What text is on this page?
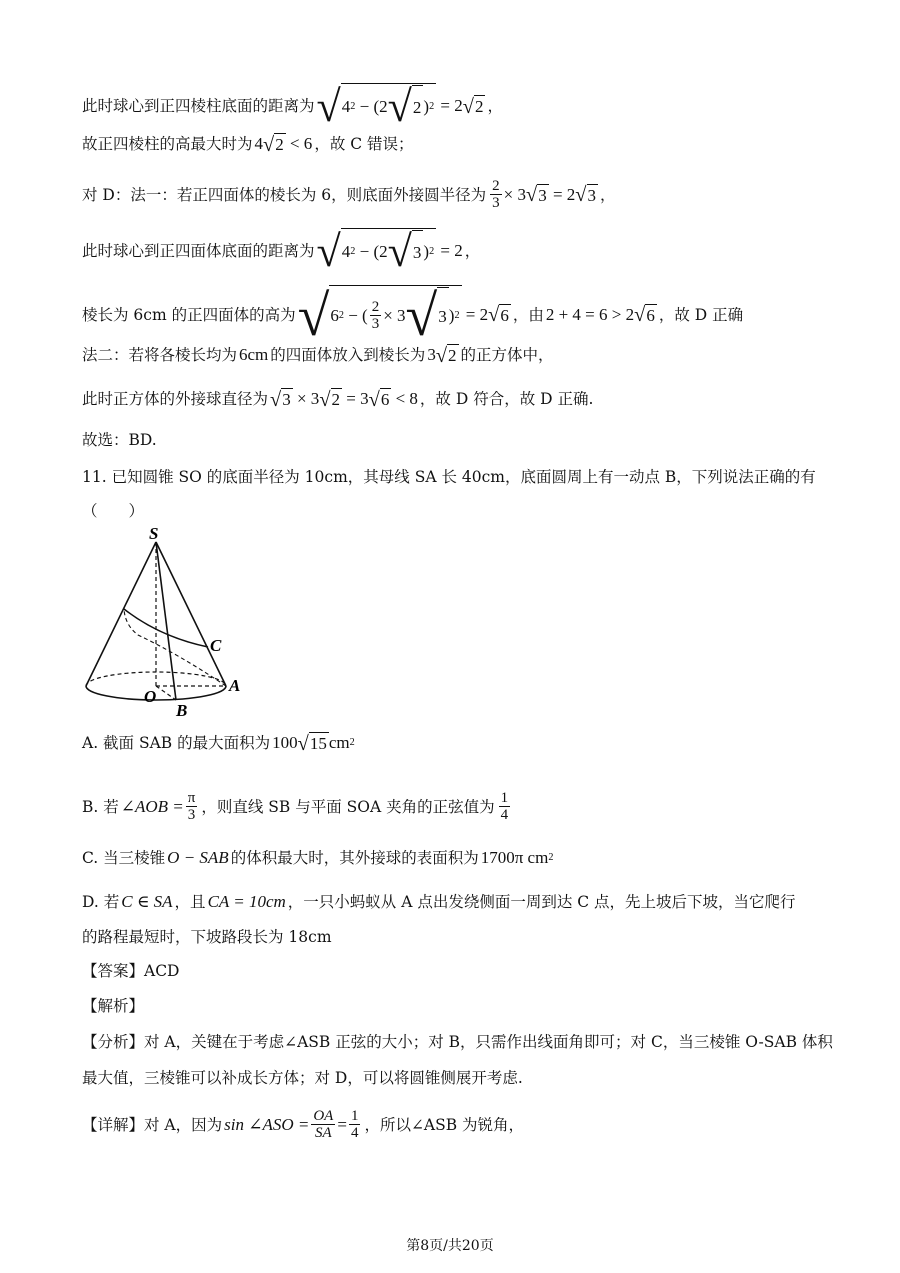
此时球心到正四棱柱底面的距离为 √ 4 2 − (2 √ 2 ) 2
= 2 √ 2 ，
故正四棱柱的高最大时为 4 √ 2
< 6 ，故 C 错误；
对 D：法一：若正四面体的棱长为 6，则底面外接圆半径为 $\frac{2}{3} \times 3$ √ 3
= 2 √ 3 ，
此时球心到正四面体底面的距离为 √ 4 2 − (2 √ 3 ) 2
= 2 ，
棱长为 6cm 的正四面体的高为 √ 6 2 − ( $\frac{2}{3} \times 3$ √ 3 ) 2
= 2 √ 6 ，由 2 + 4 = 6 > 2 √ 6 ，故 D 正确
法二：若将各棱长均为 6cm 的四面体放入到棱长为 3 √ 2 的正方体中，
此时正方体的外接球直径为 √ 3 × 3 √ 2 = 3 √ 6
< 8 ，故 D 符合，故 D 正确.
故选：BD.
11. 已知圆锥 SO 的底面半径为 10cm，其母线 SA 长 40cm，底面圆周上有一动点 B，下列说法正确的有
（　　）
S
C
A
O
B
A. 截面 SAB 的最大面积为 100 √ 15 cm 2
B. 若 ∠AOB = $\frac{\pi}{3}$ ，则直线 SB 与平面 SOA 夹角的正弦值为 $\frac{1}{4}$
C. 当三棱锥 O − SAB 的体积最大时，其外接球的表面积为 1700π cm 2
D. 若 C ∈ SA ，且 CA = 10cm ，一只小蚂蚁从 A 点出发绕侧面一周到达 C 点，先上坡后下坡，当它爬行
的路程最短时，下坡路段长为 18cm
【答案】ACD
【解析】
【分析】对 A，关键在于考虑∠ASB 正弦的大小；对 B，只需作出线面角即可；对 C，当三棱锥 O-SAB 体积
最大值，三棱锥可以补成长方体；对 D，可以将圆锥侧展开考虑.
【详解】对 A，因为 sin ∠ASO = $\frac{OA}{SA} = \frac{1}{4}$ ，所以∠ASB 为锐角，
第8页/共20页
